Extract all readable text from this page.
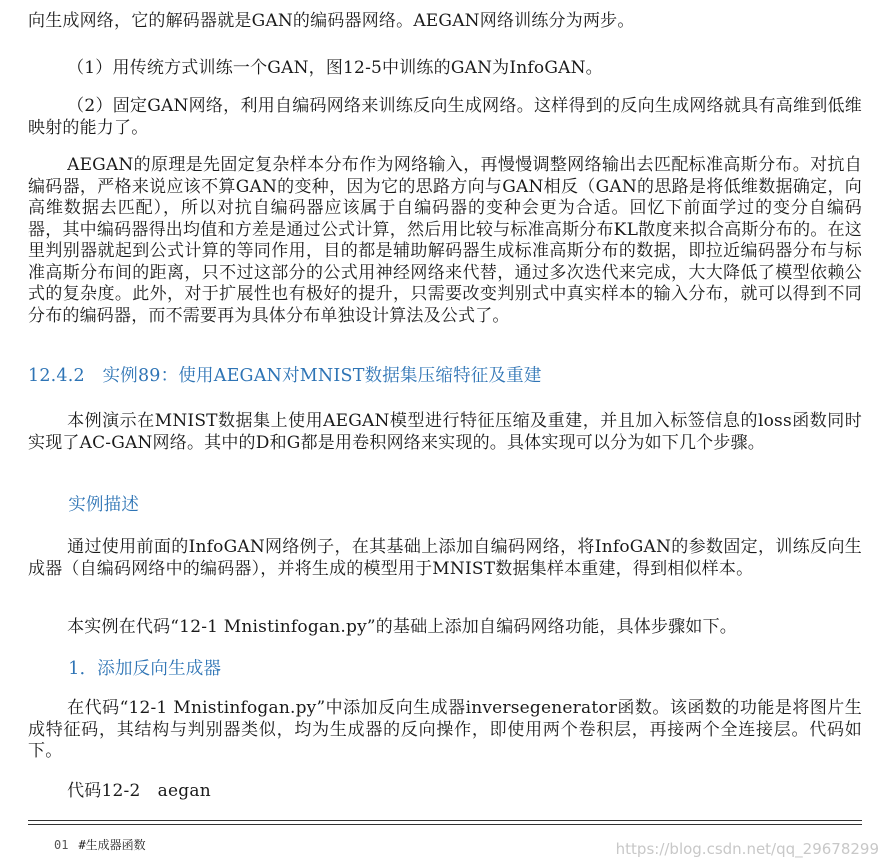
向生成网络，它的解码器就是GAN的编码器网络。AEGAN网络训练分为两步。

（1）用传统方式训练一个GAN，图12-5中训练的GAN为InfoGAN。

（2）固定GAN网络，利用自编码网络来训练反向生成网络。这样得到的反向生成网络就具有高维到低维映射的能力了。

AEGAN的原理是先固定复杂样本分布作为网络输入，再慢慢调整网络输出去匹配标准高斯分布。对抗自编码器，严格来说应该不算GAN的变种，因为它的思路方向与GAN相反（GAN的思路是将低维数据确定，向高维数据去匹配），所以对抗自编码器应该属于自编码器的变种会更为合适。回忆下前面学过的变分自编码器，其中编码器得出均值和方差是通过公式计算，然后用比较与标准高斯分布KL散度来拟合高斯分布的。在这里判别器就起到公式计算的等同作用，目的都是辅助解码器生成标准高斯分布的数据，即拉近编码器分布与标准高斯分布间的距离，只不过这部分的公式用神经网络来代替，通过多次迭代来完成，大大降低了模型依赖公式的复杂度。此外，对于扩展性也有极好的提升，只需要改变判别式中真实样本的输入分布，就可以得到不同分布的编码器，而不需要再为具体分布单独设计算法及公式了。

12.4.2　实例89：使用AEGAN对MNIST数据集压缩特征及重建

本例演示在MNIST数据集上使用AEGAN模型进行特征压缩及重建，并且加入标签信息的loss函数同时实现了AC-GAN网络。其中的D和G都是用卷积网络来实现的。具体实现可以分为如下几个步骤。

实例描述

通过使用前面的InfoGAN网络例子，在其基础上添加自编码网络，将InfoGAN的参数固定，训练反向生成器（自编码网络中的编码器），并将生成的模型用于MNIST数据集样本重建，得到相似样本。

本实例在代码“12-1 Mnistinfogan.py”的基础上添加自编码网络功能，具体步骤如下。

1．添加反向生成器

在代码“12-1 Mnistinfogan.py”中添加反向生成器inversegenerator函数。该函数的功能是将图片生成特征码，其结构与判别器类似，均为生成器的反向操作，即使用两个卷积层，再接两个全连接层。代码如下。

代码12-2　aegan

01 #生成器函数	https://blog.csdn.net/qq_29678299
